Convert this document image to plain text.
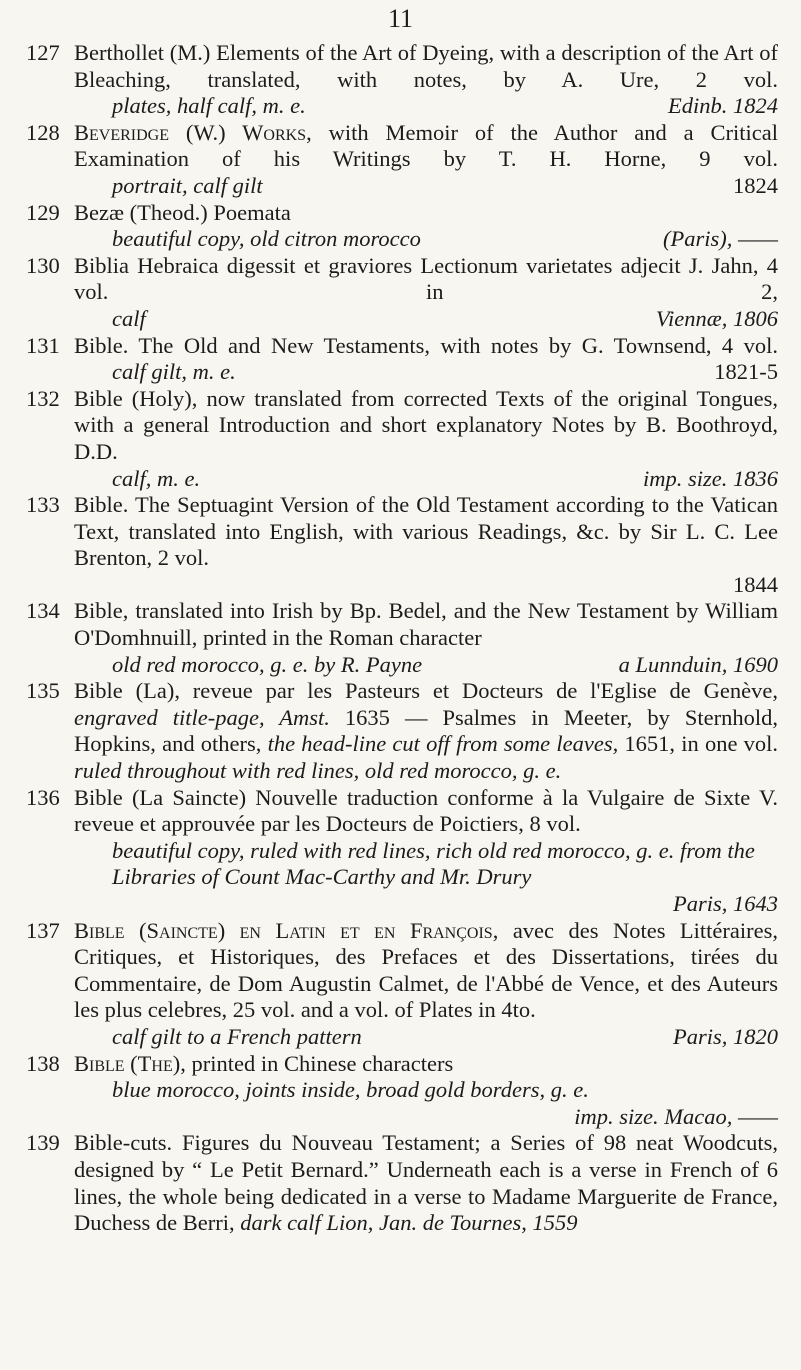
11
127 Berthollet (M.) Elements of the Art of Dyeing, with a description of the Art of Bleaching, translated, with notes, by A. Ure, 2 vol.
plates, half calf, m. e.	Edinb. 1824
128 Beveridge (W.) Works, with Memoir of the Author and a Critical Examination of his Writings by T. H. Horne, 9 vol.
portrait, calf gilt	1824
129 Bezæ (Theod.) Poemata
beautiful copy, old citron morocco	(Paris), ——
130 Biblia Hebraica digessit et graviores Lectionum varietates adjecit J. Jahn, 4 vol. in 2,
calf	Viennæ, 1806
131 Bible. The Old and New Testaments, with notes by G. Townsend, 4 vol.
calf gilt, m. e.	1821-5
132 Bible (Holy), now translated from corrected Texts of the original Tongues, with a general Introduction and short explanatory Notes by B. Boothroyd, D.D.
calf, m. e.	imp. size. 1836
133 Bible. The Septuagint Version of the Old Testament according to the Vatican Text, translated into English, with various Readings, &c. by Sir L. C. Lee Brenton, 2 vol.
1844
134 Bible, translated into Irish by Bp. Bedel, and the New Testament by William O'Domhnuill, printed in the Roman character
old red morocco, g. e. by R. Payne	a Lunnduin, 1690
135 Bible (La), reveue par les Pasteurs et Docteurs de l'Eglise de Genève, engraved title-page, Amst. 1635 — Psalmes in Meeter, by Sternhold, Hopkins, and others, the head-line cut off from some leaves, 1651, in one vol. ruled throughout with red lines, old red morocco, g. e.
136 Bible (La Saincte) Nouvelle traduction conforme à la Vulgaire de Sixte V. reveue et approuvée par les Docteurs de Poictiers, 8 vol.
beautiful copy, ruled with red lines, rich old red morocco, g. e. from the Libraries of Count Mac-Carthy and Mr. Drury
Paris, 1643
137 Bible (Saincte) en Latin et en François, avec des Notes Littéraires, Critiques, et Historiques, des Prefaces et des Dissertations, tirées du Commentaire, de Dom Augustin Calmet, de l'Abbé de Vence, et des Auteurs les plus celebres, 25 vol. and a vol. of Plates in 4to.
calf gilt to a French pattern	Paris, 1820
138 Bible (The), printed in Chinese characters
blue morocco, joints inside, broad gold borders, g. e.
imp. size. Macao, ——
139 Bible-cuts. Figures du Nouveau Testament; a Series of 98 neat Woodcuts, designed by “ Le Petit Bernard.” Underneath each is a verse in French of 6 lines, the whole being dedicated in a verse to Madame Marguerite de France, Duchess de Berri, dark calf Lion, Jan. de Tournes, 1559
